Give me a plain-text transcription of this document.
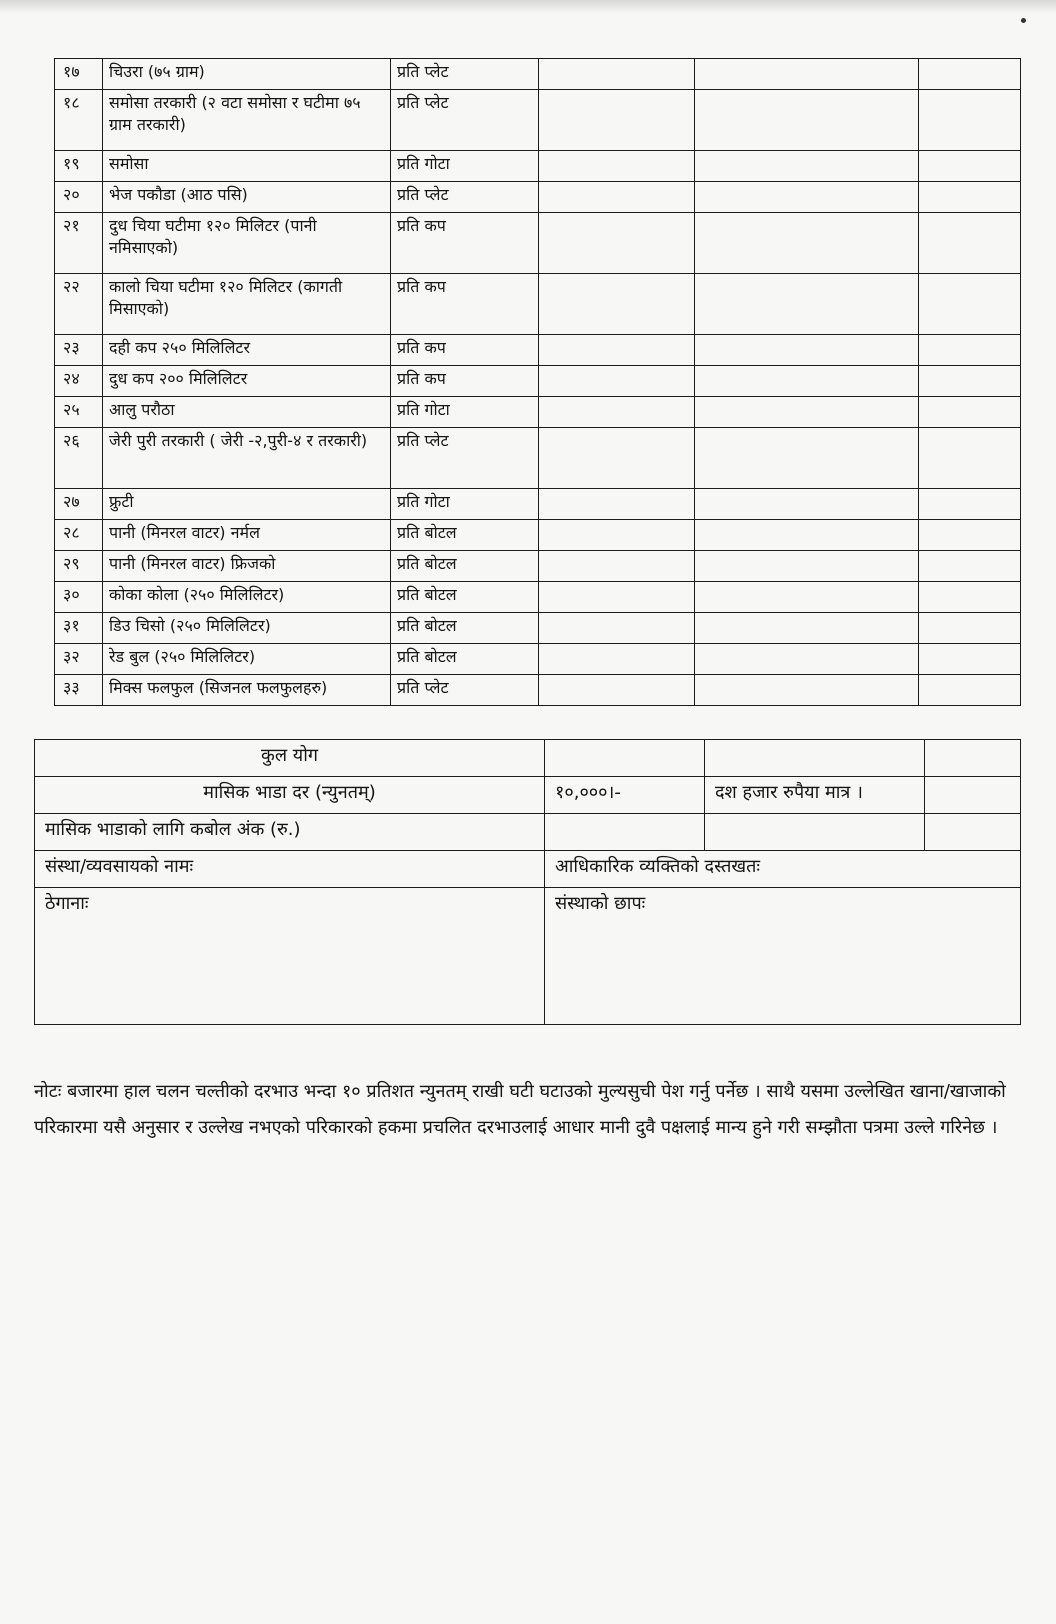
१७	चिउरा (७५ ग्राम)	प्रति प्लेट			
१८	समोसा तरकारी (२ वटा समोसा र घटीमा ७५ ग्राम तरकारी)	प्रति प्लेट			
१९	समोसा	प्रति गोटा			
२०	भेज पकौडा (आठ पसि)	प्रति प्लेट			
२१	दुध चिया घटीमा १२० मिलिटर (पानी नमिसाएको)	प्रति कप			
२२	कालो चिया घटीमा १२० मिलिटर (कागती मिसाएको)	प्रति कप			
२३	दही कप २५० मिलिलिटर	प्रति कप			
२४	दुध कप २०० मिलिलिटर	प्रति कप			
२५	आलु परौठा	प्रति गोटा			
२६	जेरी पुरी तरकारी ( जेरी -२,पुरी-४ र तरकारी)	प्रति प्लेट			
२७	फ्रुटी	प्रति गोटा			
२८	पानी (मिनरल वाटर) नर्मल	प्रति बोटल			
२९	पानी (मिनरल वाटर) फ्रिजको	प्रति बोटल			
३०	कोका कोला (२५० मिलिलिटर)	प्रति बोटल			
३१	डिउ चिसो (२५० मिलिलिटर)	प्रति बोटल			
३२	रेड बुल (२५० मिलिलिटर)	प्रति बोटल			
३३	मिक्स फलफुल (सिजनल फलफुलहरु)	प्रति प्लेट			
कुल योग			
मासिक भाडा दर (न्युनतम्)	१०,०००।-	दश हजार रुपैया मात्र ।	
मासिक भाडाको लागि कबोल अंक (रु.)			
संस्था/व्यवसायको नामः	आधिकारिक व्यक्तिको दस्तखतः		
ठेगानाः	संस्थाको छापः		
नोटः बजारमा हाल चलन चल्तीको दरभाउ भन्दा १० प्रतिशत न्युनतम् राखी घटी घटाउको मुल्यसुची पेश गर्नु पर्नेछ । साथै यसमा उल्लेखित खाना/खाजाको परिकारमा यसै अनुसार र उल्लेख नभएको परिकारको हकमा प्रचलित दरभाउलाई आधार मानी दुवै पक्षलाई मान्य हुने गरी सम्झौता पत्रमा उल्ले गरिनेछ ।
